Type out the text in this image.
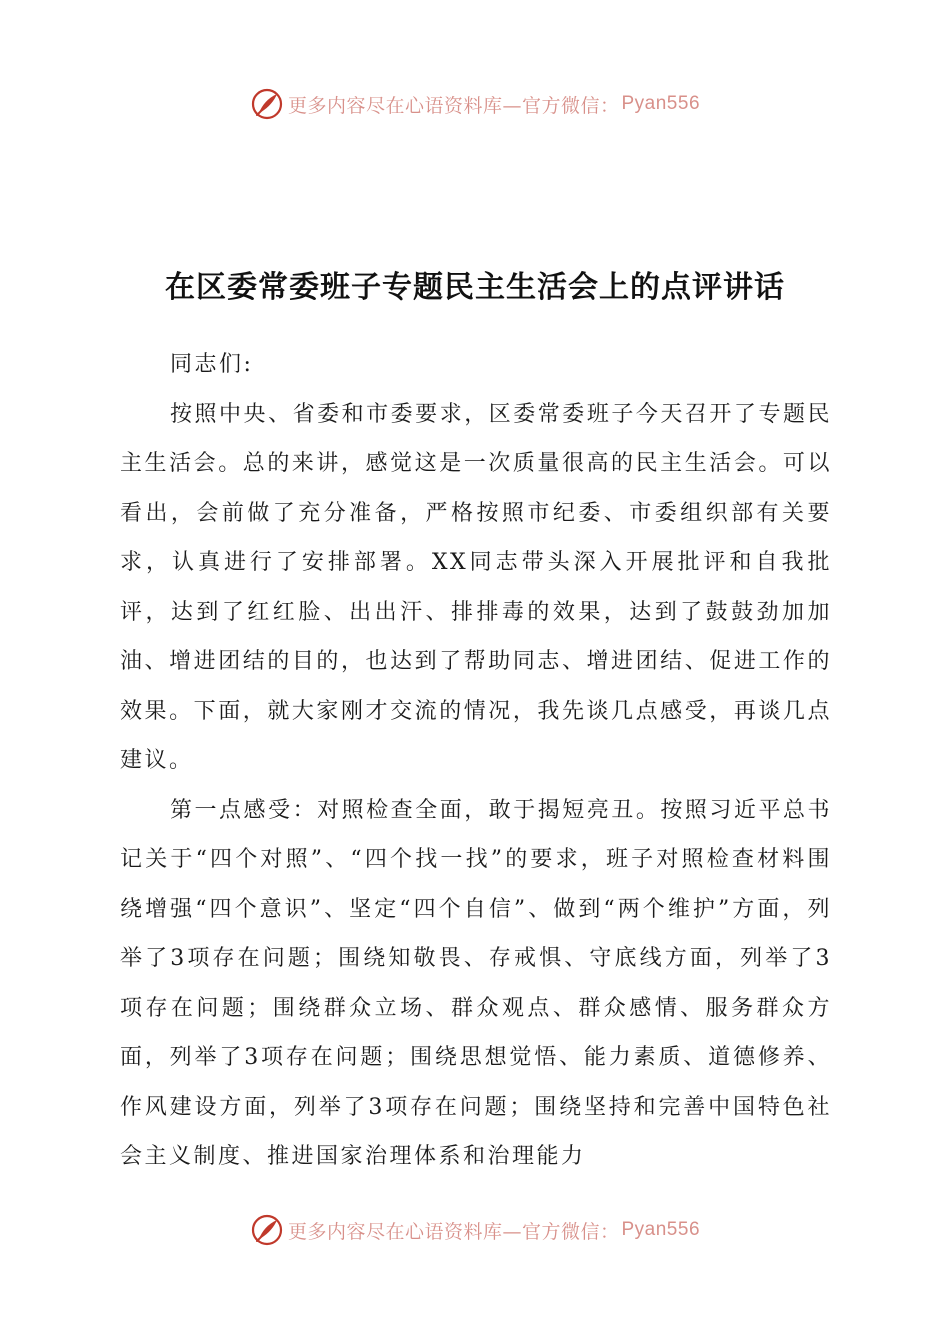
更多内容尽在心语资料库—官方微信： Pyan556
在区委常委班子专题民主生活会上的点评讲话

同志们:

按照中央、省委和市委要求，区委常委班子今天召开了专题民主生活会。总的来讲，感觉这是一次质量很高的民主生活会。可以看出，会前做了充分准备，严格按照市纪委、市委组织部有关要求，认真进行了安排部署。XX同志带头深入开展批评和自我批评，达到了红红脸、出出汗、排排毒的效果，达到了鼓鼓劲加加油、增进团结的目的，也达到了帮助同志、增进团结、促进工作的效果。下面，就大家刚才交流的情况，我先谈几点感受，再谈几点建议。

第一点感受：对照检查全面，敢于揭短亮丑。按照习近平总书记关于“四个对照”、“四个找一找”的要求，班子对照检查材料围绕增强“四个意识”、坚定“四个自信”、做到“两个维护”方面，列举了3项存在问题；围绕知敬畏、存戒惧、守底线方面，列举了3项存在问题；围绕群众立场、群众观点、群众感情、服务群众方面，列举了3项存在问题；围绕思想觉悟、能力素质、道德修养、作风建设方面，列举了3项存在问题；围绕坚持和完善中国特色社会主义制度、推进国家治理体系和治理能力

更多内容尽在心语资料库—官方微信： Pyan556
